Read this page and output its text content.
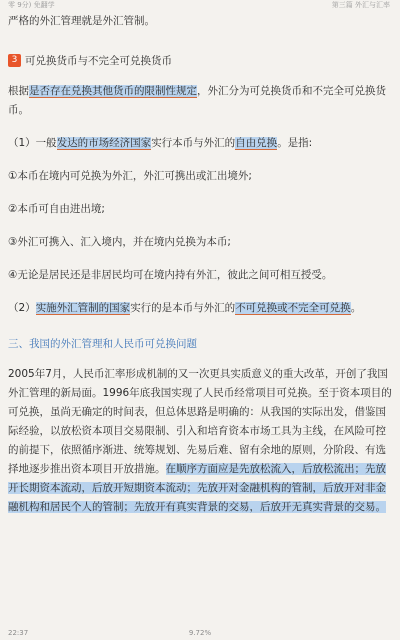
零 9分) 免翻学	第三篇 外汇与汇率

严格的外汇管理就是外汇管制。

3 可兑换货币与不完全可兑换货币

根据是否存在兑换其他货币的限制性规定，外汇分为可兑换货币和不完全可兑换货币。

（1）一般发达的市场经济国家实行本币与外汇的自由兑换。是指:

①本币在境内可兑换为外汇，外汇可携出或汇出境外;

②本币可自由进出境;

③外汇可携入、汇入境内，并在境内兑换为本币;

④无论是居民还是非居民均可在境内持有外汇，彼此之间可相互授受。

（2）实施外汇管制的国家实行的是本币与外汇的不可兑换或不完全可兑换。

三、我国的外汇管理和人民币可兑换问题

2005年7月，人民币汇率形成机制的又一次更具实质意义的重大改革，开创了我国外汇管理的新局面。1996年底我国实现了人民币经常项目可兑换。至于资本项目的可兑换，虽尚无确定的时间表，但总体思路是明确的：从我国的实际出发，借鉴国际经验，以放松资本项目交易限制、引入和培育资本市场工具为主线，在风险可控的前提下，依照循序渐进、统筹规划、先易后难、留有余地的原则，分阶段、有选择地逐步推出资本项目开放措施。在顺序方面应是先放松流入，后放松流出；先放开长期资本流动，后放开短期资本流动；先放开对金融机构的管制，后放开对非金融机构和居民个人的管制；先放开有真实背景的交易，后放开无真实背景的交易。

22:37	9.72%
